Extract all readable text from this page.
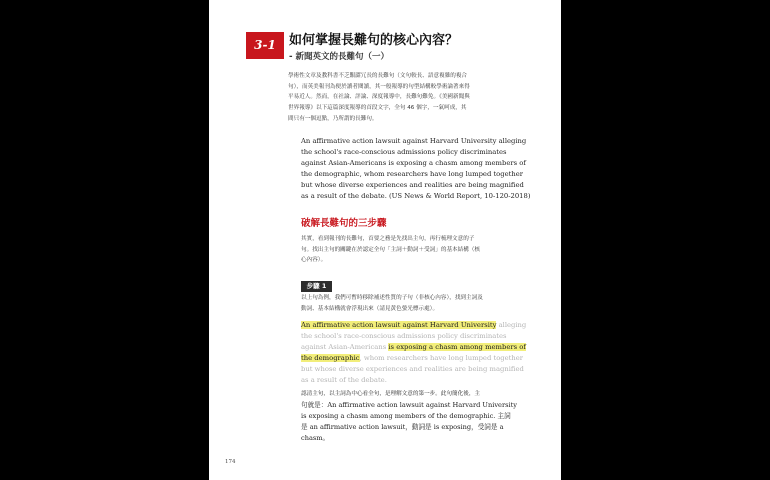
3-1	如何掌握長難句的核心內容？
- 新聞英文的長難句（一）

學術性文章及教科書不乏艱澀冗長的長難句（文句較長、語意複雜的複合
句），而英美報刊為便於讀者閱讀，其一般報導的句型結構較學術論著來得
平易近人。然而，在社論、評論、深度報導中，長難句難免。《美國新聞與
世界報導》以下這篇深度報導的首段文字，全句 46 個字，一氣呵成，其
間只有一個逗點，乃所謂的長難句。

An affirmative action lawsuit against Harvard University alleging
the school's race-conscious admissions policy discriminates
against Asian-Americans is exposing a chasm among members of
the demographic, whom researchers have long lumped together
but whose diverse experiences and realities are being magnified
as a result of the debate. (US News & World Report, 10-120-2018)

破解長難句的三步驟

其實，看到報刊的長難句，首要之務是先找出主句，再行梳理文意的子
句。找出主句的關鍵在於認定全句「主詞＋動詞＋受詞」的基本結構（核
心內容）。

步驟 1

以上句為例，我們可暫時移除補述性質的子句（非核心內容），找到主詞及
動詞、基本結構就會浮現出來（請見黃色螢光標示處）。

An affirmative action lawsuit against Harvard University alleging
the school's race-conscious admissions policy discriminates
against Asian-Americans is exposing a chasm among members of
the demographic, whom researchers have long lumped together
but whose diverse experiences and realities are being magnified
as a result of the debate.

認清主句，以主詞為中心看全句，是理解文意的第一步。此句簡化後，主
句就是：An affirmative action lawsuit against Harvard University
is exposing a chasm among members of the demographic. 主詞
是 an affirmative action lawsuit，動詞是 is exposing，受詞是 a
chasm。

174
